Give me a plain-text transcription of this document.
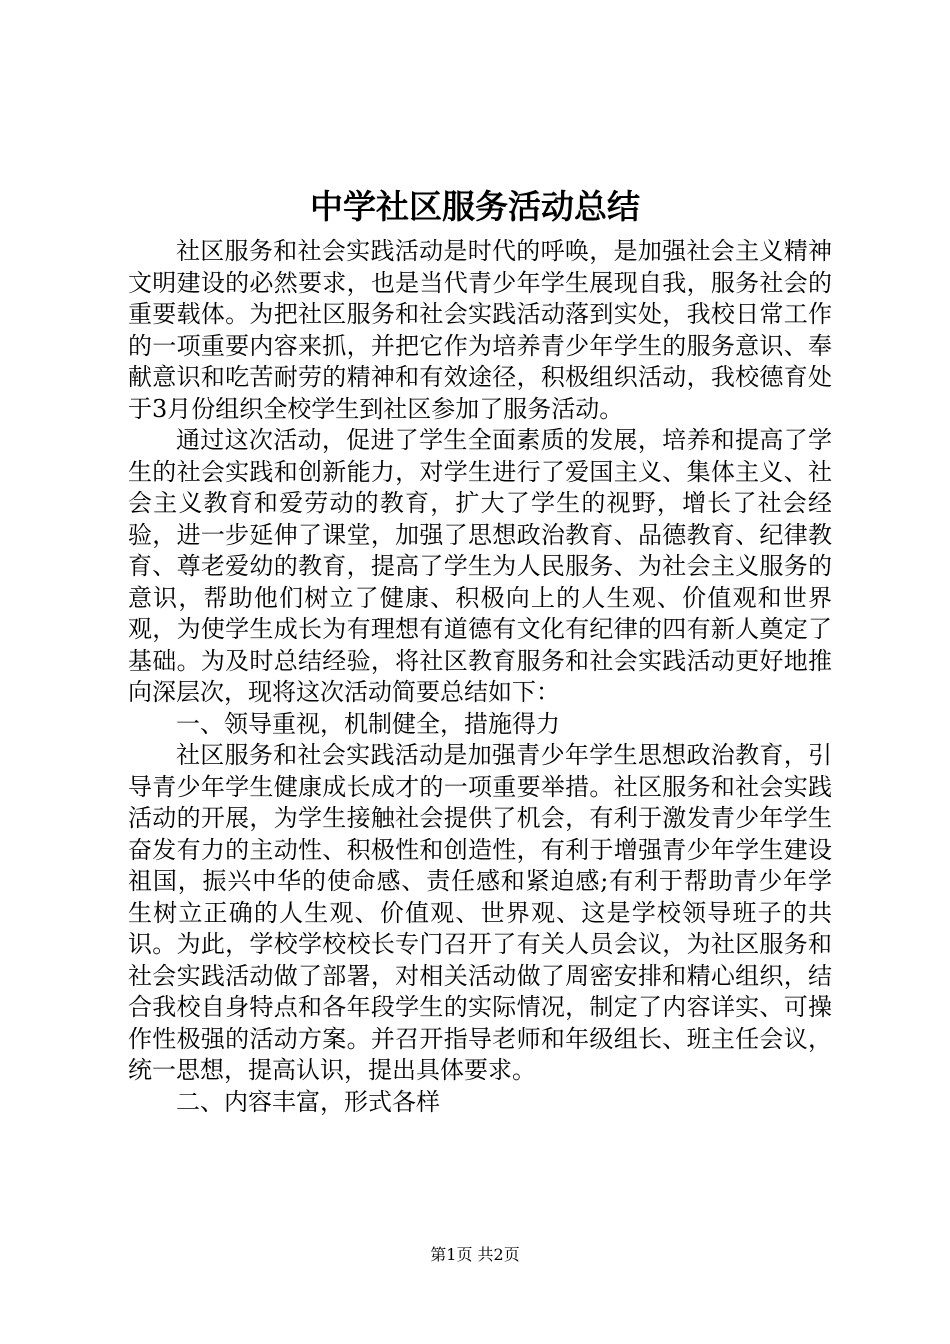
中学社区服务活动总结

社区服务和社会实践活动是时代的呼唤，是加强社会主义精神文明建设的必然要求，也是当代青少年学生展现自我，服务社会的重要载体。为把社区服务和社会实践活动落到实处，我校日常工作的一项重要内容来抓，并把它作为培养青少年学生的服务意识、奉献意识和吃苦耐劳的精神和有效途径，积极组织活动，我校德育处于3月份组织全校学生到社区参加了服务活动。

通过这次活动，促进了学生全面素质的发展，培养和提高了学生的社会实践和创新能力，对学生进行了爱国主义、集体主义、社会主义教育和爱劳动的教育，扩大了学生的视野，增长了社会经验，进一步延伸了课堂，加强了思想政治教育、品德教育、纪律教育、尊老爱幼的教育，提高了学生为人民服务、为社会主义服务的意识，帮助他们树立了健康、积极向上的人生观、价值观和世界观，为使学生成长为有理想有道德有文化有纪律的四有新人奠定了基础。为及时总结经验，将社区教育服务和社会实践活动更好地推向深层次，现将这次活动简要总结如下：

一、领导重视，机制健全，措施得力

社区服务和社会实践活动是加强青少年学生思想政治教育，引导青少年学生健康成长成才的一项重要举措。社区服务和社会实践活动的开展，为学生接触社会提供了机会，有利于激发青少年学生奋发有力的主动性、积极性和创造性，有利于增强青少年学生建设祖国，振兴中华的使命感、责任感和紧迫感;有利于帮助青少年学生树立正确的人生观、价值观、世界观、这是学校领导班子的共识。为此，学校学校校长专门召开了有关人员会议，为社区服务和社会实践活动做了部署，对相关活动做了周密安排和精心组织，结合我校自身特点和各年段学生的实际情况，制定了内容详实、可操作性极强的活动方案。并召开指导老师和年级组长、班主任会议，统一思想，提高认识，提出具体要求。

二、内容丰富，形式各样

第1页 共2页
